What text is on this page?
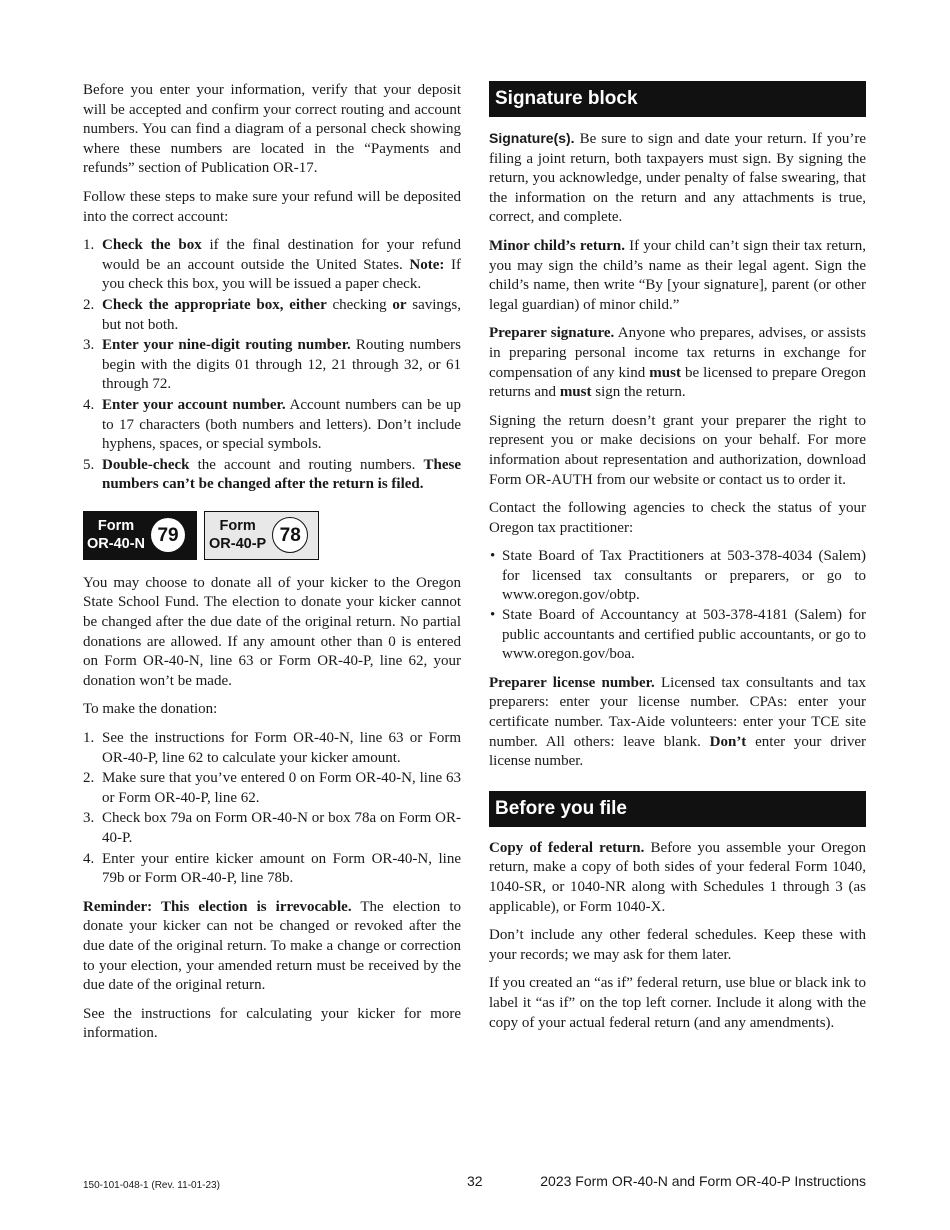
Before you enter your information, verify that your deposit will be accepted and confirm your correct routing and account numbers. You can find a diagram of a personal check showing where these numbers are located in the “Payments and refunds” section of Publication OR-17.

Follow these steps to make sure your refund will be deposited into the correct account:

1. Check the box if the final destination for your refund would be an account outside the United States. Note: If you check this box, you will be issued a paper check.
2. Check the appropriate box, either checking or savings, but not both.
3. Enter your nine-digit routing number. Routing numbers begin with the digits 01 through 12, 21 through 32, or 61 through 72.
4. Enter your account number. Account numbers can be up to 17 characters (both numbers and letters). Don’t include hyphens, spaces, or special symbols.
5. Double-check the account and routing numbers. These numbers can’t be changed after the return is filed.
Form
OR-40-N 79	Form
OR-40-P 78

You may choose to donate all of your kicker to the Oregon State School Fund. The election to donate your kicker cannot be changed after the due date of the original return. No partial donations are allowed. If any amount other than 0 is entered on Form OR-40-N, line 63 or Form OR-40-P, line 62, your donation won’t be made.

To make the donation:

1. See the instructions for Form OR-40-N, line 63 or Form OR-40-P, line 62 to calculate your kicker amount.
2. Make sure that you’ve entered 0 on Form OR-40-N, line 63 or Form OR-40-P, line 62.
3. Check box 79a on Form OR-40-N or box 78a on Form OR-40-P.
4. Enter your entire kicker amount on Form OR-40-N, line 79b or Form OR-40-P, line 78b.

Reminder: This election is irrevocable. The election to donate your kicker can not be changed or revoked after the due date of the original return. To make a change or correction to your election, your amended return must be received by the due date of the original return.

See the instructions for calculating your kicker for more information.

Signature block

Signature(s). Be sure to sign and date your return. If you’re filing a joint return, both taxpayers must sign. By signing the return, you acknowledge, under penalty of false swearing, that the information on the return and any attachments is true, correct, and complete.

Minor child’s return. If your child can’t sign their tax return, you may sign the child’s name as their legal agent. Sign the child’s name, then write “By [your signature], parent (or other legal guardian) of minor child.”

Preparer signature. Anyone who prepares, advises, or assists in preparing personal income tax returns in exchange for compensation of any kind must be licensed to prepare Oregon returns and must sign the return.

Signing the return doesn’t grant your preparer the right to represent you or make decisions on your behalf. For more information about representation and authorization, download Form OR-AUTH from our website or contact us to order it.

Contact the following agencies to check the status of your Oregon tax practitioner:

• State Board of Tax Practitioners at 503-378-4034 (Salem) for licensed tax consultants or preparers, or go to www.oregon.gov/obtp.
• State Board of Accountancy at 503-378-4181 (Salem) for public accountants and certified public accountants, or go to www.oregon.gov/boa.

Preparer license number. Licensed tax consultants and tax preparers: enter your license number. CPAs: enter your certificate number. Tax-Aide volunteers: enter your TCE site number. All others: leave blank. Don’t enter your driver license number.

Before you file

Copy of federal return. Before you assemble your Oregon return, make a copy of both sides of your federal Form 1040, 1040-SR, or 1040-NR along with Schedules 1 through 3 (as applicable), or Form 1040-X.

Don’t include any other federal schedules. Keep these with your records; we may ask for them later.

If you created an “as if” federal return, use blue or black ink to label it “as if” on the top left corner. Include it along with the copy of your actual federal return (and any amendments).

150-101-048-1 (Rev. 11-01-23)	32	2023 Form OR-40-N and Form OR-40-P Instructions
